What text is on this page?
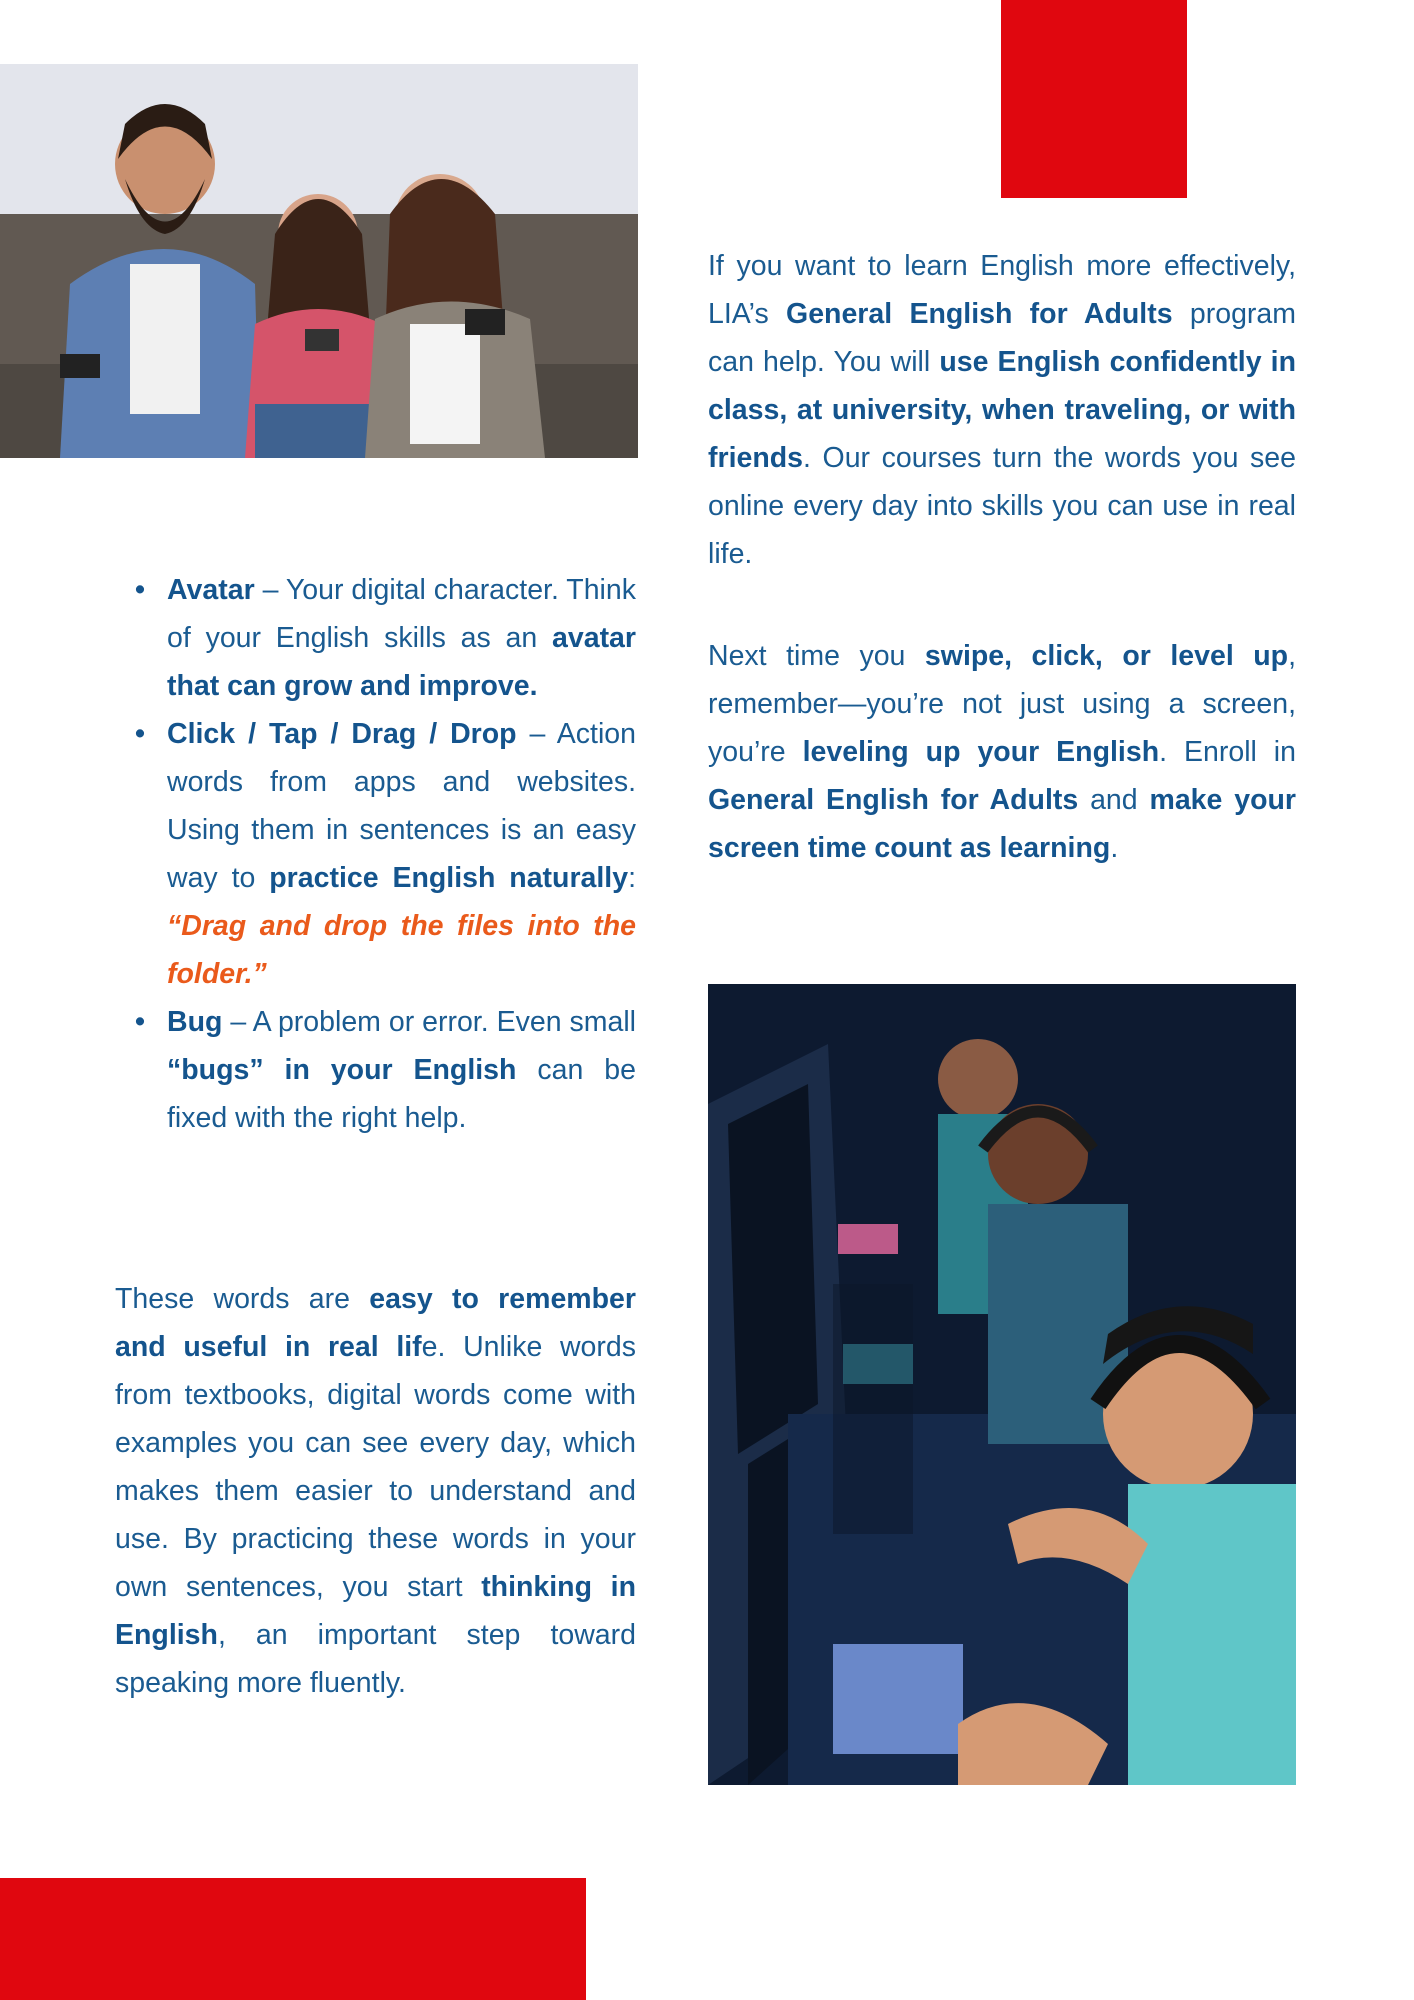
If you want to learn English more effectively, LIA’s General English for Adults program can help. You will use English confidently in class, at university, when traveling, or with friends. Our courses turn the words you see online every day into skills you can use in real life.

Next time you swipe, click, or level up, remember—you’re not just using a screen, you’re leveling up your English. Enroll in General English for Adults and make your screen time count as learning.

• Avatar – Your digital character. Think of your English skills as an avatar that can grow and improve.
• Click / Tap / Drag / Drop – Action words from apps and websites. Using them in sentences is an easy way to practice English naturally: “Drag and drop the files into the folder.”
• Bug – A problem or error. Even small “bugs” in your English can be fixed with the right help.

These words are easy to remember and useful in real life. Unlike words from textbooks, digital words come with examples you can see every day, which makes them easier to understand and use. By practicing these words in your own sentences, you start thinking in English, an important step toward speaking more fluently.
